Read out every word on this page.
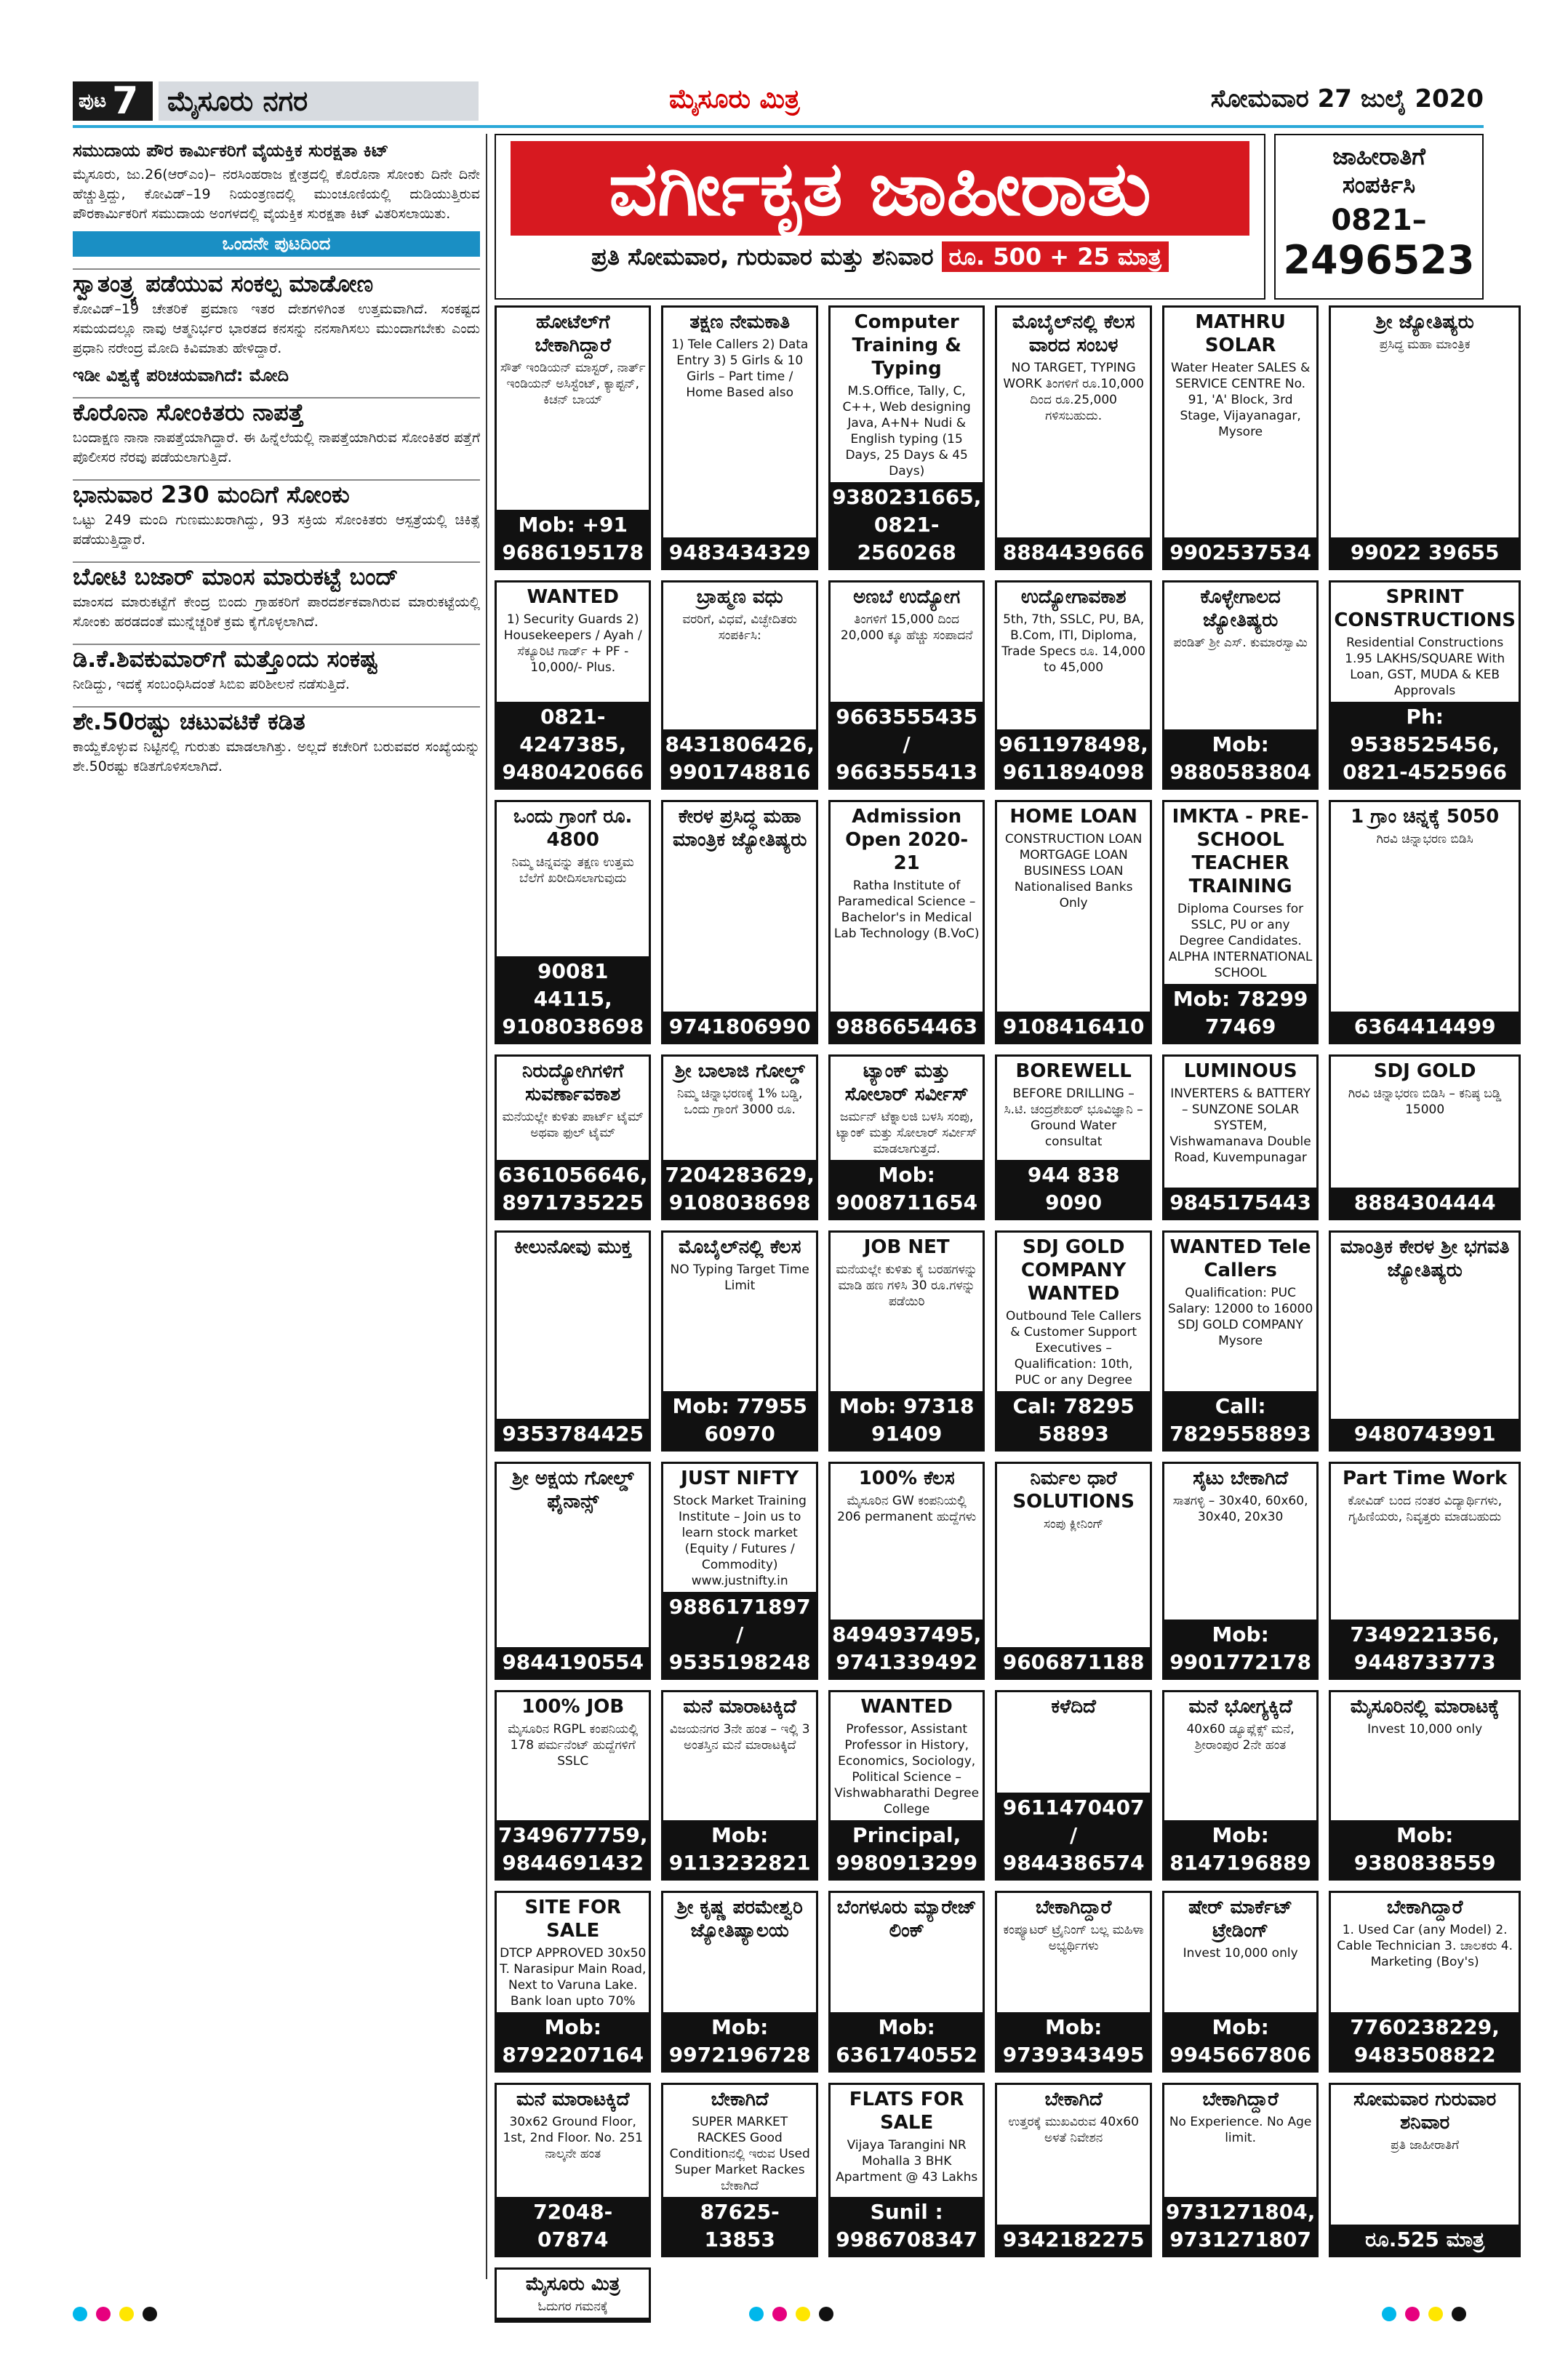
ಪುಟ 7	ಮೈಸೂರು ನಗರ	ಮೈಸೂರು ಮಿತ್ರ	ಸೋಮವಾರ 27 ಜುಲೈ 2020
ಸಮುದಾಯ ಪೌರ ಕಾರ್ಮಿಕರಿಗೆ ವೈಯಕ್ತಿಕ ಸುರಕ್ಷತಾ ಕಿಟ್
ಮೈಸೂರು, ಜು.26(ಆರ್‍ಎಂ)– ನರಸಿಂಹರಾಜ ಕ್ಷೇತ್ರದಲ್ಲಿ ಕೊರೊನಾ ಸೋಂಕು ದಿನೇ ದಿನೇ ಹೆಚ್ಚುತ್ತಿದ್ದು, ಕೋವಿಡ್–19 ನಿಯಂತ್ರಣದಲ್ಲಿ ಮುಂಚೂಣಿಯಲ್ಲಿ ದುಡಿಯುತ್ತಿರುವ ಪೌರಕಾರ್ಮಿಕರಿಗೆ ಸಮುದಾಯ ಅಂಗಳದಲ್ಲಿ ವೈಯಕ್ತಿಕ ಸುರಕ್ಷತಾ ಕಿಟ್ ವಿತರಿಸಲಾಯಿತು.
ಒಂದನೇ ಪುಟದಿಂದ
ಸ್ವಾತಂತ್ರ್ಯ ಪಡೆಯುವ ಸಂಕಲ್ಪ ಮಾಡೋಣ
ಕೋವಿಡ್–19 ಚೇತರಿಕೆ ಪ್ರಮಾಣ ಇತರ ದೇಶಗಳಿಗಿಂತ ಉತ್ತಮವಾಗಿದೆ. ಸಂಕಷ್ಟದ ಸಮಯದಲ್ಲೂ ನಾವು ಆತ್ಮನಿರ್ಭರ ಭಾರತದ ಕನಸನ್ನು ನನಸಾಗಿಸಲು ಮುಂದಾಗಬೇಕು ಎಂದು ಪ್ರಧಾನಿ ನರೇಂದ್ರ ಮೋದಿ ಕಿವಿಮಾತು ಹೇಳಿದ್ದಾರೆ.
ಇಡೀ ವಿಶ್ವಕ್ಕೆ ಪರಿಚಯವಾಗಿದೆ: ಮೋದಿ
ಕೊರೊನಾ ಸೋಂಕಿತರು ನಾಪತ್ತೆ
ಬಂದಾಕ್ಷಣ ನಾನಾ ನಾಪತ್ತೆಯಾಗಿದ್ದಾರೆ. ಈ ಹಿನ್ನೆಲೆಯಲ್ಲಿ ನಾಪತ್ತೆಯಾಗಿರುವ ಸೋಂಕಿತರ ಪತ್ತೆಗೆ ಪೊಲೀಸರ ನೆರವು ಪಡೆಯಲಾಗುತ್ತಿದೆ.
ಭಾನುವಾರ 230 ಮಂದಿಗೆ ಸೋಂಕು
ಒಟ್ಟು 249 ಮಂದಿ ಗುಣಮುಖರಾಗಿದ್ದು, 93 ಸಕ್ರಿಯ ಸೋಂಕಿತರು ಆಸ್ಪತ್ರೆಯಲ್ಲಿ ಚಿಕಿತ್ಸೆ ಪಡೆಯುತ್ತಿದ್ದಾರೆ.
ಬೋಟಿ ಬಜಾರ್ ಮಾಂಸ ಮಾರುಕಟ್ಟೆ ಬಂದ್
ಮಾಂಸದ ಮಾರುಕಟ್ಟೆಗೆ ಕೇಂದ್ರ ಬಿಂದು ಗ್ರಾಹಕರಿಗೆ ಪಾರದರ್ಶಕವಾಗಿರುವ ಮಾರುಕಟ್ಟೆಯಲ್ಲಿ ಸೋಂಕು ಹರಡದಂತೆ ಮುನ್ನೆಚ್ಚರಿಕೆ ಕ್ರಮ ಕೈಗೊಳ್ಳಲಾಗಿದೆ.
ಡಿ.ಕೆ.ಶಿವಕುಮಾರ್‌ಗೆ ಮತ್ತೊಂದು ಸಂಕಷ್ಟ
ನೀಡಿದ್ದು, ಇದಕ್ಕೆ ಸಂಬಂಧಿಸಿದಂತೆ ಸಿಬಿಐ ಪರಿಶೀಲನೆ ನಡೆಸುತ್ತಿದೆ.
ಶೇ.50ರಷ್ಟು ಚಟುವಟಿಕೆ ಕಡಿತ
ಕಾಯ್ದೆಕೊಳ್ಳುವ ನಿಟ್ಟಿನಲ್ಲಿ ಗುರುತು ಮಾಡಲಾಗಿತ್ತು. ಅಲ್ಲದೆ ಕಚೇರಿಗೆ ಬರುವವರ ಸಂಖ್ಯೆಯನ್ನು ಶೇ.50ರಷ್ಟು ಕಡಿತಗೊಳಿಸಲಾಗಿದೆ.
ವರ್ಗೀಕೃತ ಜಾಹೀರಾತು
ಪ್ರತಿ ಸೋಮವಾರ, ಗುರುವಾರ ಮತ್ತು ಶನಿವಾರ ರೂ. 500 + 25 ಮಾತ್ರ
ಜಾಹೀರಾತಿಗೆ
ಸಂಪರ್ಕಿಸಿ
0821–
2496523
ಹೋಟೆಲ್‌ಗೆ ಬೇಕಾಗಿದ್ದಾರೆ
ಸೌತ್ ಇಂಡಿಯನ್ ಮಾಸ್ಟರ್, ನಾರ್ತ್ ಇಂಡಿಯನ್ ಅಸಿಸ್ಟೆಂಟ್, ಕ್ಯಾಪ್ಟನ್, ಕಿಚನ್ ಬಾಯ್
Mob: +91 9686195178
ತಕ್ಷಣ ನೇಮಕಾತಿ
1) Tele Callers 2) Data Entry 3) 5 Girls & 10 Girls – Part time / Home Based also
9483434329
Computer Training & Typing
M.S.Office, Tally, C, C++, Web designing Java, A+N+ Nudi & English typing (15 Days, 25 Days & 45 Days)
9380231665, 0821-2560268
ಮೊಬೈಲ್‌ನಲ್ಲಿ ಕೆಲಸ ವಾರದ ಸಂಬಳ
NO TARGET, TYPING WORK ತಿಂಗಳಿಗೆ ರೂ.10,000 ದಿಂದ ರೂ.25,000 ಗಳಿಸಬಹುದು.
8884439666
MATHRU SOLAR
Water Heater SALES & SERVICE CENTRE No. 91, 'A' Block, 3rd Stage, Vijayanagar, Mysore
9902537534
ಶ್ರೀ ಜ್ಯೋತಿಷ್ಯರು
ಪ್ರಸಿದ್ಧ ಮಹಾ ಮಾಂತ್ರಿಕ
99022 39655
WANTED
1) Security Guards 2) Housekeepers / Ayah / ಸೆಕ್ಯೂರಿಟಿ ಗಾರ್ಡ್ + PF - 10,000/- Plus.
0821-4247385, 9480420666
ಬ್ರಾಹ್ಮಣ ವಧು
ವರರಿಗೆ, ವಿಧವೆ, ವಿಚ್ಛೇದಿತರು ಸಂಪರ್ಕಿಸಿ:
8431806426, 9901748816
ಅಣಬೆ ಉದ್ಯೋಗ
ತಿಂಗಳಿಗೆ 15,000 ದಿಂದ 20,000 ಕ್ಕೂ ಹೆಚ್ಚು ಸಂಪಾದನೆ
9663555435 / 9663555413
ಉದ್ಯೋಗಾವಕಾಶ
5th, 7th, SSLC, PU, BA, B.Com, ITI, Diploma, Trade Specs ರೂ. 14,000 to 45,000
9611978498, 9611894098
ಕೊಳ್ಳೇಗಾಲದ ಜ್ಯೋತಿಷ್ಯರು
ಪಂಡಿತ್ ಶ್ರೀ ಎಸ್. ಕುಮಾರಸ್ವಾಮಿ
Mob: 9880583804
SPRINT CONSTRUCTIONS
Residential Constructions 1.95 LAKHS/SQUARE With Loan, GST, MUDA & KEB Approvals
Ph: 9538525456, 0821-4525966
ಒಂದು ಗ್ರಾಂಗೆ ರೂ. 4800
ನಿಮ್ಮ ಚಿನ್ನವನ್ನು ತಕ್ಷಣ ಉತ್ತಮ ಬೆಲೆಗೆ ಖರೀದಿಸಲಾಗುವುದು
90081 44115, 9108038698
ಕೇರಳ ಪ್ರಸಿದ್ಧ ಮಹಾ ಮಾಂತ್ರಿಕ ಜ್ಯೋತಿಷ್ಯರು
9741806990
Admission Open 2020-21
Ratha Institute of Paramedical Science – Bachelor's in Medical Lab Technology (B.VoC)
9886654463
HOME LOAN
CONSTRUCTION LOAN MORTGAGE LOAN BUSINESS LOAN Nationalised Banks Only
9108416410
IMKTA - PRE-SCHOOL TEACHER TRAINING
Diploma Courses for SSLC, PU or any Degree Candidates. ALPHA INTERNATIONAL SCHOOL
Mob: 78299 77469
1 ಗ್ರಾಂ ಚಿನ್ನಕ್ಕೆ 5050
ಗಿರವಿ ಚಿನ್ನಾಭರಣ ಬಿಡಿಸಿ
6364414499
ನಿರುದ್ಯೋಗಿಗಳಿಗೆ ಸುವರ್ಣಾವಕಾಶ
ಮನೆಯಲ್ಲೇ ಕುಳಿತು ಪಾರ್ಟ್ ಟೈಮ್ ಅಥವಾ ಫುಲ್ ಟೈಮ್
6361056646, 8971735225
ಶ್ರೀ ಬಾಲಾಜಿ ಗೋಲ್ಡ್
ನಿಮ್ಮ ಚಿನ್ನಾಭರಣಕ್ಕೆ 1% ಬಡ್ಡಿ, ಒಂದು ಗ್ರಾಂಗೆ 3000 ರೂ.
7204283629, 9108038698
ಟ್ಯಾಂಕ್ ಮತ್ತು ಸೋಲಾರ್ ಸರ್ವೀಸ್
ಜರ್ಮನ್ ಟೆಕ್ನಾಲಜಿ ಬಳಸಿ ಸಂಪು, ಟ್ಯಾಂಕ್ ಮತ್ತು ಸೋಲಾರ್ ಸರ್ವೀಸ್ ಮಾಡಲಾಗುತ್ತದೆ.
Mob: 9008711654
BOREWELL
BEFORE DRILLING – ಸಿ.ಟಿ. ಚಂದ್ರಶೇಖರ್ ಭೂವಿಜ್ಞಾನಿ – Ground Water consultat
944 838 9090
LUMINOUS
INVERTERS & BATTERY – SUNZONE SOLAR SYSTEM, Vishwamanava Double Road, Kuvempunagar
9845175443
SDJ GOLD
ಗಿರವಿ ಚಿನ್ನಾಭರಣ ಬಿಡಿಸಿ – ಕನಿಷ್ಠ ಬಡ್ಡಿ 15000
8884304444
ಕೀಲುನೋವು ಮುಕ್ತ
9353784425
ಮೊಬೈಲ್‌ನಲ್ಲಿ ಕೆಲಸ
NO Typing Target Time Limit
Mob: 77955 60970
JOB NET
ಮನೆಯಲ್ಲೇ ಕುಳಿತು ಕೈ ಬರಹಗಳನ್ನು ಮಾಡಿ ಹಣ ಗಳಿಸಿ 30 ರೂ.ಗಳನ್ನು ಪಡೆಯಿರಿ
Mob: 97318 91409
SDJ GOLD COMPANY WANTED
Outbound Tele Callers & Customer Support Executives – Qualification: 10th, PUC or any Degree
Cal: 78295 58893
WANTED Tele Callers
Qualification: PUC Salary: 12000 to 16000 SDJ GOLD COMPANY Mysore
Call: 7829558893
ಮಾಂತ್ರಿಕ ಕೇರಳ ಶ್ರೀ ಭಗವತಿ ಜ್ಯೋತಿಷ್ಯರು
9480743991
ಶ್ರೀ ಅಕ್ಷಯ ಗೋಲ್ಡ್ ಫೈನಾನ್ಸ್
9844190554
JUST NIFTY
Stock Market Training Institute – Join us to learn stock market (Equity / Futures / Commodity) www.justnifty.in
9886171897 / 9535198248
100% ಕೆಲಸ
ಮೈಸೂರಿನ GW ಕಂಪನಿಯಲ್ಲಿ 206 permanent ಹುದ್ದೆಗಳು
8494937495, 9741339492
ನಿರ್ಮಲ ಧಾರೆ SOLUTIONS
ಸಂಪು ಕ್ಲೀನಿಂಗ್
9606871188
ಸೈಟು ಬೇಕಾಗಿದೆ
ಸಾತಗಳ್ಳಿ – 30x40, 60x60, 30x40, 20x30
Mob: 9901772178
Part Time Work
ಕೋವಿಡ್ ಬಂದ ನಂತರ ವಿದ್ಯಾರ್ಥಿಗಳು, ಗೃಹಿಣಿಯರು, ನಿವೃತ್ತರು ಮಾಡಬಹುದು
7349221356, 9448733773
100% JOB
ಮೈಸೂರಿನ RGPL ಕಂಪನಿಯಲ್ಲಿ 178 ಪರ್ಮನೆಂಟ್ ಹುದ್ದೆಗಳಿಗೆ SSLC
7349677759, 9844691432
ಮನೆ ಮಾರಾಟಕ್ಕಿದೆ
ವಿಜಯನಗರ 3ನೇ ಹಂತ – ಇಲ್ಲಿ 3 ಅಂತಸ್ತಿನ ಮನೆ ಮಾರಾಟಕ್ಕಿದೆ
Mob: 9113232821
WANTED
Professor, Assistant Professor in History, Economics, Sociology, Political Science – Vishwabharathi Degree College
Principal, 9980913299
ಕಳೆದಿದೆ
9611470407 / 9844386574
ಮನೆ ಭೋಗ್ಯಕ್ಕಿದೆ
40x60 ಡ್ಯೂಪ್ಲೆಕ್ಸ್ ಮನೆ, ಶ್ರೀರಾಂಪುರ 2ನೇ ಹಂತ
Mob: 8147196889
ಮೈಸೂರಿನಲ್ಲಿ ಮಾರಾಟಕ್ಕೆ
Invest 10,000 only
Mob: 9380838559
SITE FOR SALE
DTCP APPROVED 30x50 T. Narasipur Main Road, Next to Varuna Lake. Bank loan upto 70%
Mob: 8792207164
ಶ್ರೀ ಕೃಷ್ಣ ಪರಮೇಶ್ವರಿ ಜ್ಯೋತಿಷ್ಯಾಲಯ
Mob: 9972196728
ಬೆಂಗಳೂರು ಮ್ಯಾರೇಜ್ ಲಿಂಕ್
Mob: 6361740552
ಬೇಕಾಗಿದ್ದಾರೆ
ಕಂಪ್ಯೂಟರ್ ಟ್ರೈನಿಂಗ್ ಬಲ್ಲ ಮಹಿಳಾ ಅಭ್ಯರ್ಥಿಗಳು
Mob: 9739343495
ಷೇರ್ ಮಾರ್ಕೆಟ್ ಟ್ರೇಡಿಂಗ್
Invest 10,000 only
Mob: 9945667806
ಬೇಕಾಗಿದ್ದಾರೆ
1. Used Car (any Model) 2. Cable Technician 3. ಚಾಲಕರು 4. Marketing (Boy's)
7760238229, 9483508822
ಮನೆ ಮಾರಾಟಕ್ಕಿದೆ
30x62 Ground Floor, 1st, 2nd Floor. No. 251 ನಾಲ್ಕನೇ ಹಂತ
72048-07874
ಬೇಕಾಗಿದೆ
SUPER MARKET RACKES Good Conditionನಲ್ಲಿ ಇರುವ Used Super Market Rackes ಬೇಕಾಗಿದೆ
87625-13853
FLATS FOR SALE
Vijaya Tarangini NR Mohalla 3 BHK Apartment @ 43 Lakhs
Sunil : 9986708347
ಬೇಕಾಗಿದೆ
ಉತ್ತರಕ್ಕೆ ಮುಖವಿರುವ 40x60 ಅಳತೆ ನಿವೇಶನ
9342182275
ಬೇಕಾಗಿದ್ದಾರೆ
No Experience. No Age limit.
9731271804, 9731271807
ಸೋಮವಾರ ಗುರುವಾರ ಶನಿವಾರ
ಪ್ರತಿ ಜಾಹೀರಾತಿಗೆ
ರೂ.525 ಮಾತ್ರ
ಮೈಸೂರು ಮಿತ್ರ
ಓದುಗರ ಗಮನಕ್ಕೆ
